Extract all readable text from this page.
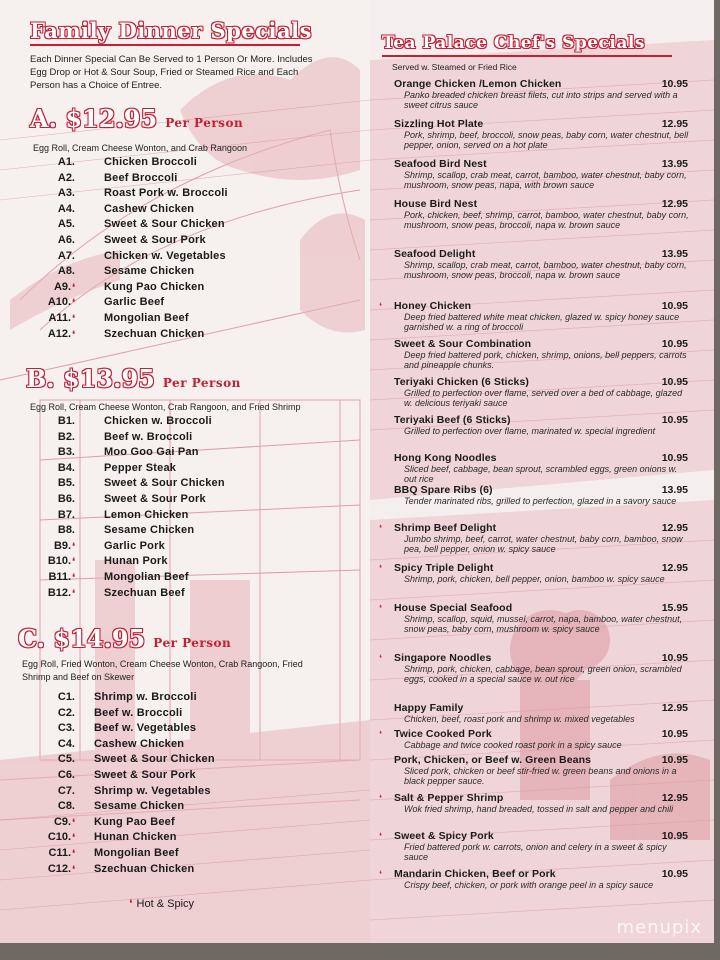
Family Dinner Specials
Each Dinner Special Can Be Served to 1 Person Or More. Includes Egg Drop or Hot & Sour Soup, Fried or Steamed Rice and Each Person has a Choice of Entree.
A. $12.95 Per Person
Egg Roll, Cream Cheese Wonton, and Crab Rangoon
A1.	Chicken Broccoli
A2.	Beef Broccoli
A3.	Roast Pork w. Broccoli
A4.	Cashew Chicken
A5.	Sweet & Sour Chicken
A6.	Sweet & Sour Pork
A7.	Chicken w. Vegetables
A8.	Sesame Chicken
A9.❛	Kung Pao Chicken
A10.❛	Garlic Beef
A11.❛	Mongolian Beef
A12.❛	Szechuan Chicken
B. $13.95 Per Person
Egg Roll, Cream Cheese Wonton, Crab Rangoon, and Fried Shrimp
B1.	Chicken w. Broccoli
B2.	Beef w. Broccoli
B3.	Moo Goo Gai Pan
B4.	Pepper Steak
B5.	Sweet & Sour Chicken
B6.	Sweet & Sour Pork
B7.	Lemon Chicken
B8.	Sesame Chicken
B9.❛	Garlic Pork
B10.❛	Hunan Pork
B11.❛	Mongolian Beef
B12.❛	Szechuan Beef
C. $14.95 Per Person
Egg Roll, Fried Wonton, Cream Cheese Wonton, Crab Rangoon, Fried Shrimp and Beef on Skewer
C1. Shrimp w. Broccoli
C2. Beef w. Broccoli
C3. Beef w. Vegetables
C4. Cashew Chicken
C5. Sweet & Sour Chicken
C6. Sweet & Sour Pork
C7. Shrimp w. Vegetables
C8. Sesame Chicken
C9.❛ Kung Pao Beef
C10.❛ Hunan Chicken
C11.❛ Mongolian Beef
C12.❛ Szechuan Chicken
❛ Hot & Spicy
Tea Palace Chef's Specials
Served w. Steamed or Fried Rice
Orange Chicken /Lemon Chicken	10.95
Panko breaded chicken breast filets, cut into strips and served with a sweet citrus sauce
Sizzling Hot Plate	12.95
Pork, shrimp, beef, broccoli, snow peas, baby corn, water chestnut, bell pepper, onion, served on a hot plate
Seafood Bird Nest	13.95
Shrimp, scallop, crab meat, carrot, bamboo, water chestnut, baby corn, mushroom, snow peas, napa, with brown sauce
House Bird Nest	12.95
Pork, chicken, beef, shrimp, carrot, bamboo, water chestnut, baby corn, mushroom, snow peas, broccoli, napa w. brown sauce
Seafood Delight	13.95
Shrimp, scallop, crab meat, carrot, bamboo, water chestnut, baby corn, mushroom, snow peas, broccoli, napa w. brown sauce
❛ Honey Chicken	10.95
Deep fried battered white meat chicken, glazed w. spicy honey sauce garnished w. a ring of broccoli
Sweet & Sour Combination	10.95
Deep fried battered pork, chicken, shrimp, onions, bell peppers, carrots and pineapple chunks.
Teriyaki Chicken (6 Sticks)	10.95
Grilled to perfection over flame, served over a bed of cabbage, glazed w. delicious teriyaki sauce
Teriyaki Beef (6 Sticks)	10.95
Grilled to perfection over flame, marinated w. special ingredient
Hong Kong Noodles	10.95
Sliced beef, cabbage, bean sprout, scrambled eggs, green onions w. out rice
BBQ Spare Ribs (6)	13.95
Tender marinated ribs, grilled to perfection, glazed in a savory sauce
❛ Shrimp Beef Delight	12.95
Jumbo shrimp, beef, carrot, water chestnut, baby corn, bamboo, snow pea, bell pepper, onion w. spicy sauce
❛ Spicy Triple Delight	12.95
Shrimp, pork, chicken, bell pepper, onion, bamboo w. spicy sauce
❛ House Special Seafood	15.95
Shrimp, scallop, squid, mussel, carrot, napa, bamboo, water chestnut, snow peas, baby corn, mushroom w. spicy sauce
❛ Singapore Noodles	10.95
Shrimp, pork, chicken, cabbage, bean sprout, green onion, scrambled eggs, cooked in a special sauce w. out rice
Happy Family	12.95
Chicken, beef, roast pork and shrimp w. mixed vegetables
❛ Twice Cooked Pork	10.95
Cabbage and twice cooked roast pork in a spicy sauce
Pork, Chicken, or Beef w. Green Beans	10.95
Sliced pork, chicken or beef stir-fried w. green beans and onions in a black pepper sauce.
❛ Salt & Pepper Shrimp	12.95
Wok fried shrimp, hand breaded, tossed in salt and pepper and chili
❛ Sweet & Spicy Pork	10.95
Fried battered pork w. carrots, onion and celery in a sweet & spicy sauce
❛ Mandarin Chicken, Beef or Pork	10.95
Crispy beef, chicken, or pork with orange peel in a spicy sauce
menupix
